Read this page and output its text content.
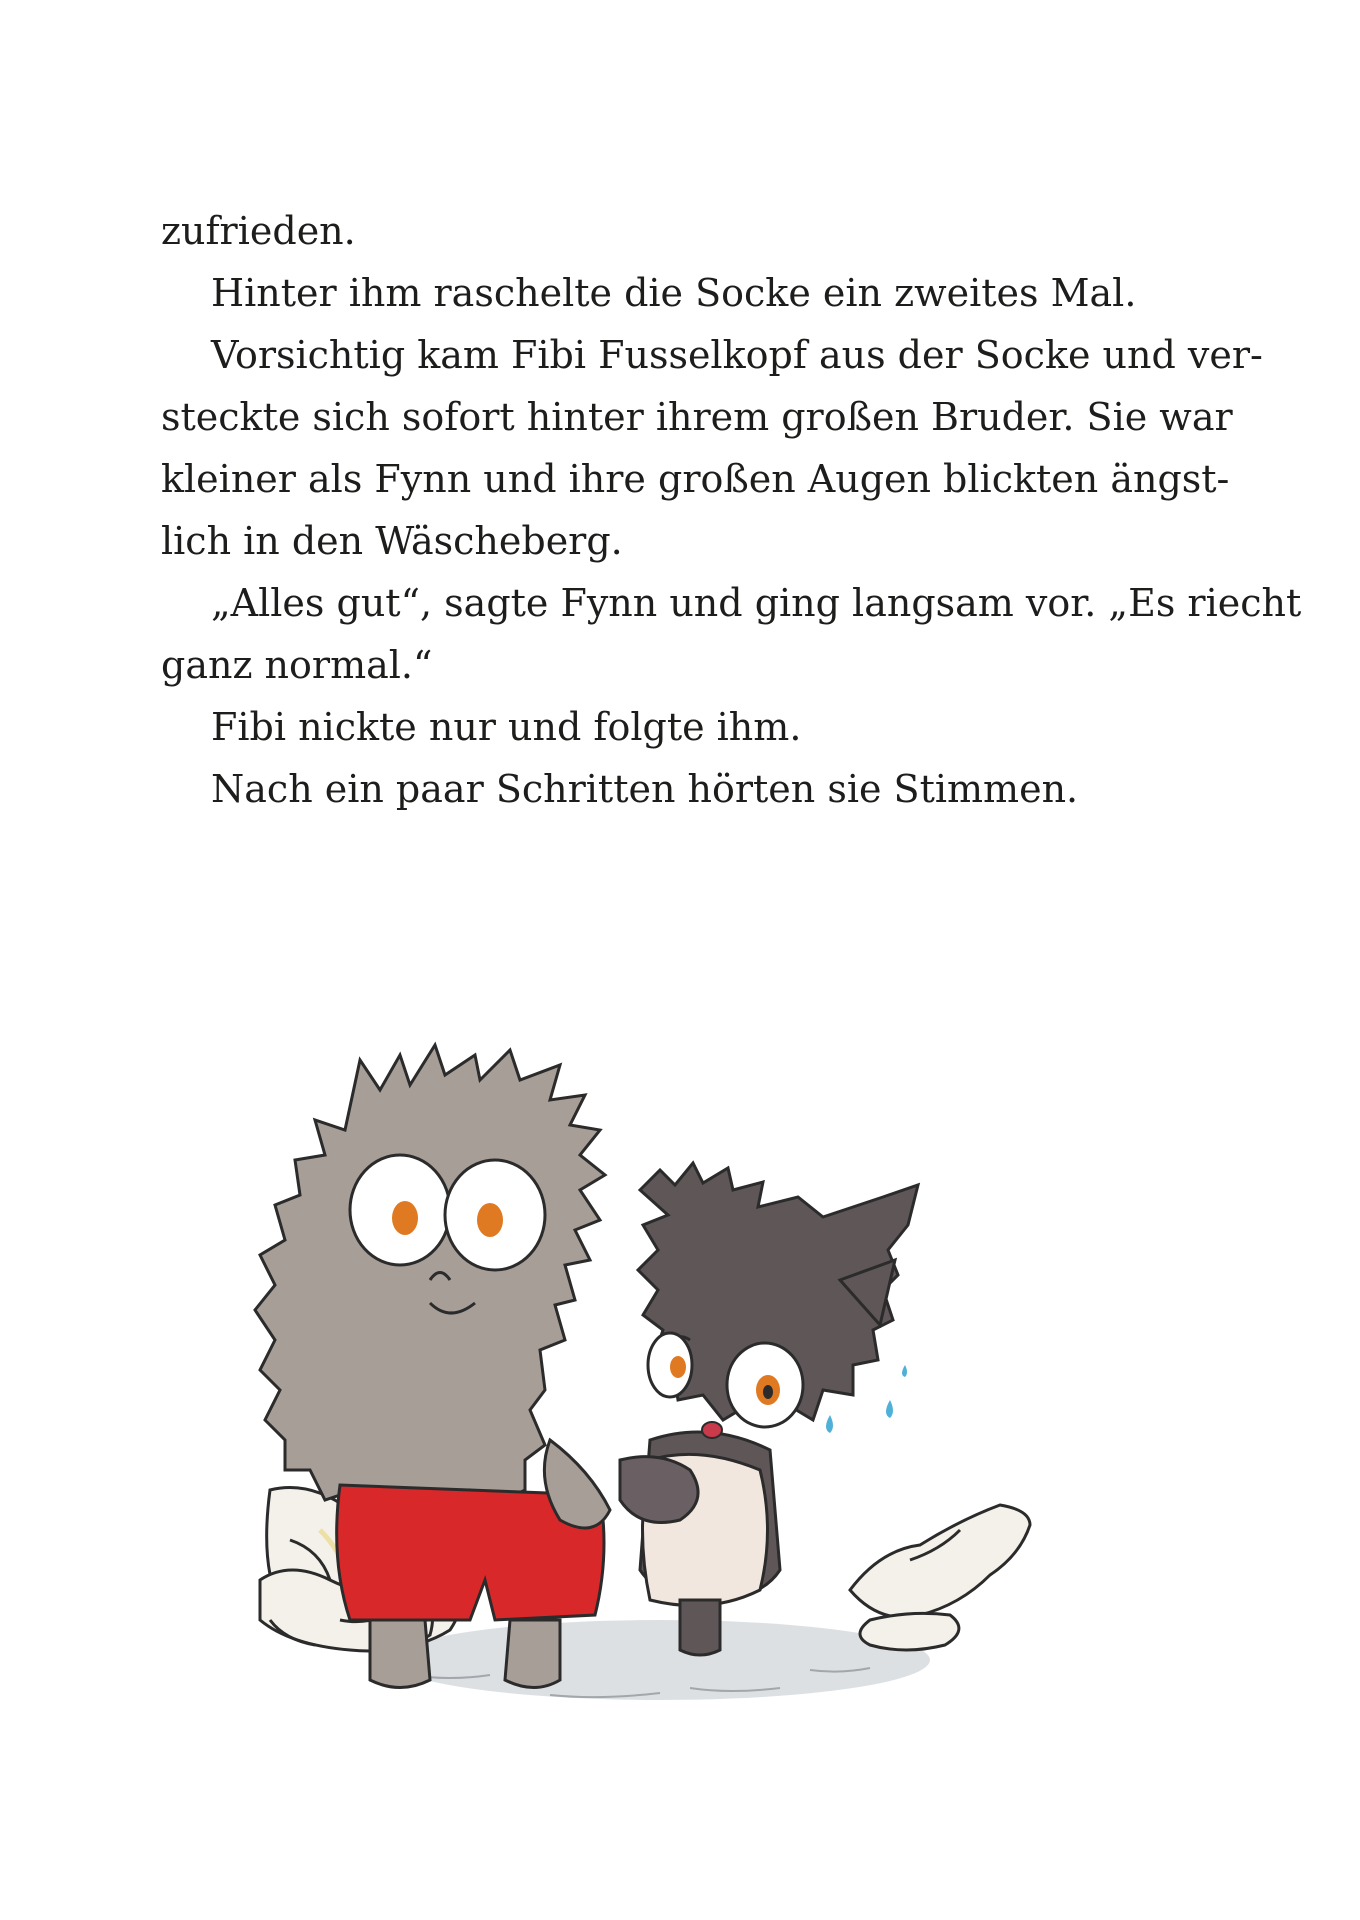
zufrieden.
Hinter ihm raschelte die Socke ein zweites Mal.
Vorsichtig kam Fibi Fusselkopf aus der Socke und ver-
steckte sich sofort hinter ihrem großen Bruder. Sie war
kleiner als Fynn und ihre großen Augen blickten ängst-
lich in den Wäscheberg.
„Alles gut“, sagte Fynn und ging langsam vor. „Es riecht
ganz normal.“
Fibi nickte nur und folgte ihm.
Nach ein paar Schritten hörten sie Stimmen.
